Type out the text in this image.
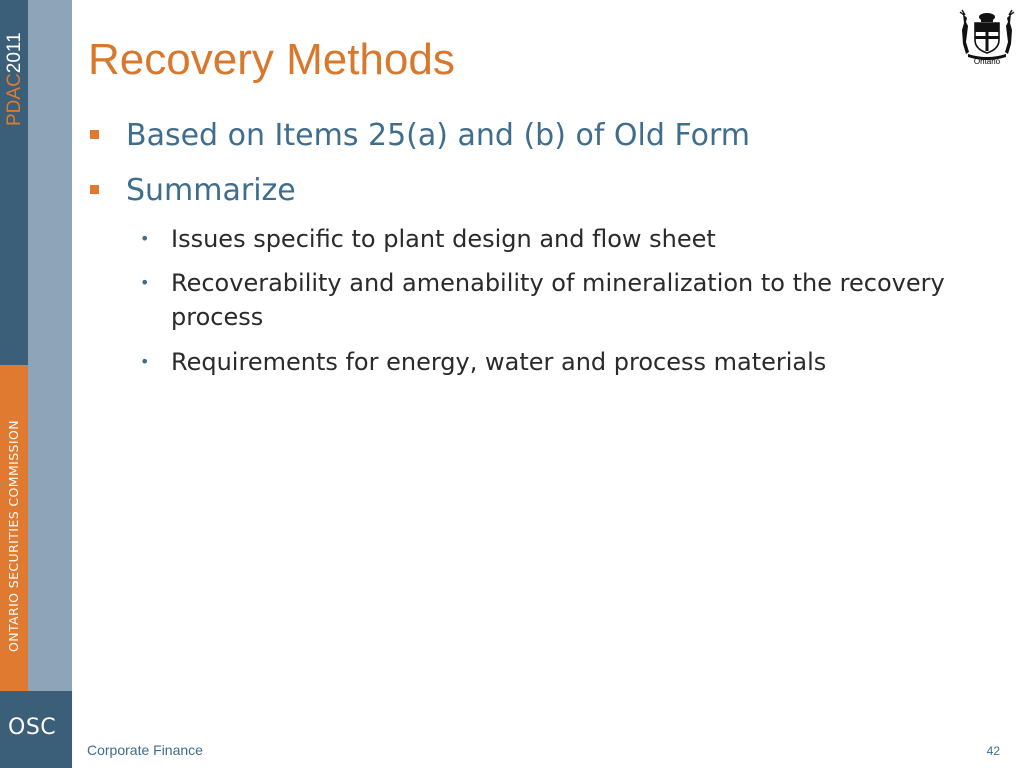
PDAC2011
ONTARIO SECURITIES COMMISSION
OSC
Recovery Methods	Ontario
Based on Items 25(a) and (b) of Old Form
Summarize
• Issues specific to plant design and flow sheet
• Recoverability and amenability of mineralization to the recovery process
• Requirements for energy, water and process materials
Corporate Finance	42
